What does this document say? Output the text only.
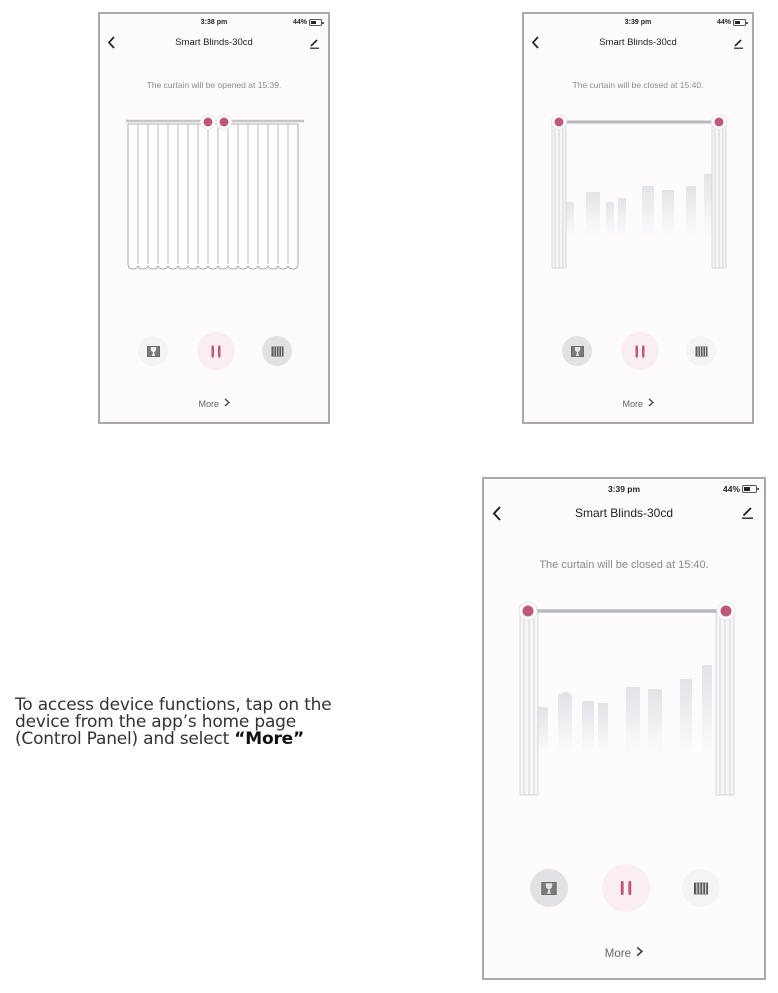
3:38 pm	44%
Smart Blinds-30cd
The curtain will be opened at 15:39.
More
3:39 pm	44%
Smart Blinds-30cd
The curtain will be closed at 15:40.
More
To access device functions, tap on the
device from the app’s home page
(Control Panel) and select “More”
3:39 pm	44%
Smart Blinds-30cd
The curtain will be closed at 15:40.
More
